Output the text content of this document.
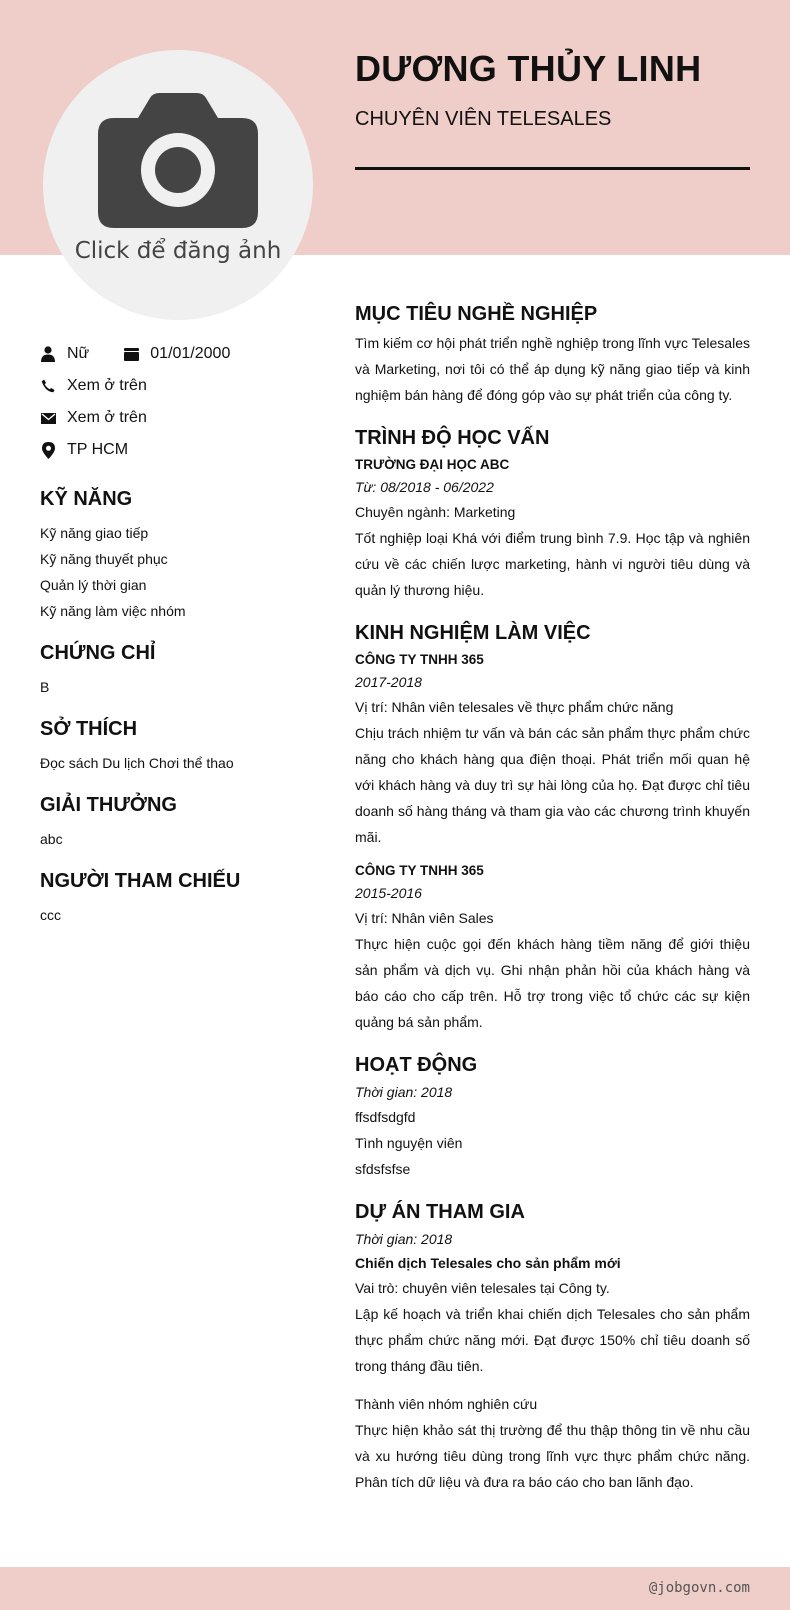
Click để đăng ảnh
DƯƠNG THỦY LINH
CHUYÊN VIÊN TELESALES
Nữ	01/01/2000
Xem ở trên
Xem ở trên
TP HCM
KỸ NĂNG
Kỹ năng giao tiếp
Kỹ năng thuyết phục
Quản lý thời gian
Kỹ năng làm việc nhóm
CHỨNG CHỈ
B
SỞ THÍCH
Đọc sách Du lịch Chơi thể thao
GIẢI THƯỞNG
abc
NGƯỜI THAM CHIẾU
ccc
MỤC TIÊU NGHỀ NGHIỆP
Tìm kiếm cơ hội phát triển nghề nghiệp trong lĩnh vực Telesales và Marketing, nơi tôi có thể áp dụng kỹ năng giao tiếp và kinh nghiệm bán hàng để đóng góp vào sự phát triển của công ty.
TRÌNH ĐỘ HỌC VẤN
TRƯỜNG ĐẠI HỌC ABC
Từ: 08/2018 - 06/2022
Chuyên ngành: Marketing
Tốt nghiệp loại Khá với điểm trung bình 7.9. Học tập và nghiên cứu về các chiến lược marketing, hành vi người tiêu dùng và quản lý thương hiệu.
KINH NGHIỆM LÀM VIỆC
CÔNG TY TNHH 365
2017-2018
Vị trí: Nhân viên telesales về thực phẩm chức năng
Chịu trách nhiệm tư vấn và bán các sản phẩm thực phẩm chức năng cho khách hàng qua điện thoại. Phát triển mối quan hệ với khách hàng và duy trì sự hài lòng của họ. Đạt được chỉ tiêu doanh số hàng tháng và tham gia vào các chương trình khuyến mãi.
CÔNG TY TNHH 365
2015-2016
Vị trí: Nhân viên Sales
Thực hiện cuộc gọi đến khách hàng tiềm năng để giới thiệu sản phẩm và dịch vụ. Ghi nhận phản hồi của khách hàng và báo cáo cho cấp trên. Hỗ trợ trong việc tổ chức các sự kiện quảng bá sản phẩm.
HOẠT ĐỘNG
Thời gian: 2018
ffsdfsdgfd
Tình nguyện viên
sfdsfsfse
DỰ ÁN THAM GIA
Thời gian: 2018
Chiến dịch Telesales cho sản phẩm mới
Vai trò: chuyên viên telesales tại Công ty.
Lập kế hoạch và triển khai chiến dịch Telesales cho sản phẩm thực phẩm chức năng mới. Đạt được 150% chỉ tiêu doanh số trong tháng đầu tiên.
Thành viên nhóm nghiên cứu
Thực hiện khảo sát thị trường để thu thập thông tin về nhu cầu và xu hướng tiêu dùng trong lĩnh vực thực phẩm chức năng. Phân tích dữ liệu và đưa ra báo cáo cho ban lãnh đạo.
@jobgovn.com
